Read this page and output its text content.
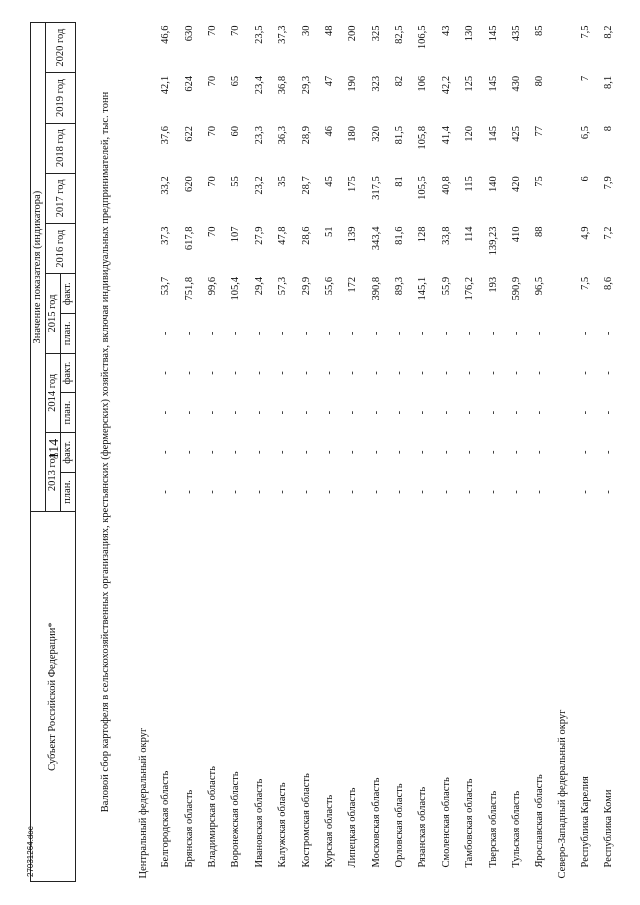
114
Субъект Российской Федерации*	Значение показателя (индикатора)										
	2013 год		2014 год		2015 год		2016 год	2017 год	2018 год	2019 год	2020 год
	план.	факт.	план.	факт.	план.	факт.					
Валовой сбор картофеля в сельскохозяйственных организациях, крестьянских (фермерских) хозяйствах, включая индивидуальных предпринимателей, тыс. тонн											
Центральный федеральный округ											
Белгородская область	-	-	-	-	-	53,7	37,3	33,2	37,6	42,1	46,6
Брянская область	-	-	-	-	-	751,8	617,8	620	622	624	630
Владимирская область	-	-	-	-	-	99,6	70	70	70	70	70
Воронежская область	-	-	-	-	-	105,4	107	55	60	65	70
Ивановская область	-	-	-	-	-	29,4	27,9	23,2	23,3	23,4	23,5
Калужская область	-	-	-	-	-	57,3	47,8	35	36,3	36,8	37,3
Костромская область	-	-	-	-	-	29,9	28,6	28,7	28,9	29,3	30
Курская область	-	-	-	-	-	55,6	51	45	46	47	48
Липецкая область	-	-	-	-	-	172	139	175	180	190	200
Московская область	-	-	-	-	-	390,8	343,4	317,5	320	323	325
Орловская область	-	-	-	-	-	89,3	81,6	81	81,5	82	82,5
Рязанская область	-	-	-	-	-	145,1	128	105,5	105,8	106	106,5
Смоленская область	-	-	-	-	-	55,9	33,8	40,8	41,4	42,2	43
Тамбовская область	-	-	-	-	-	176,2	114	115	120	125	130
Тверская область	-	-	-	-	-	193	139,23	140	145	145	145
Тульская область	-	-	-	-	-	590,9	410	420	425	430	435
Ярославская область	-	-	-	-	-	96,5	88	75	77	80	85
Северо-Западный федеральный округ											
Республика Карелия	-	-	-	-	-	7,5	4,9	6	6,5	7	7,5
Республика Коми	-	-	-	-	-	8,6	7,2	7,9	8	8,1	8,2
27031264.doc
